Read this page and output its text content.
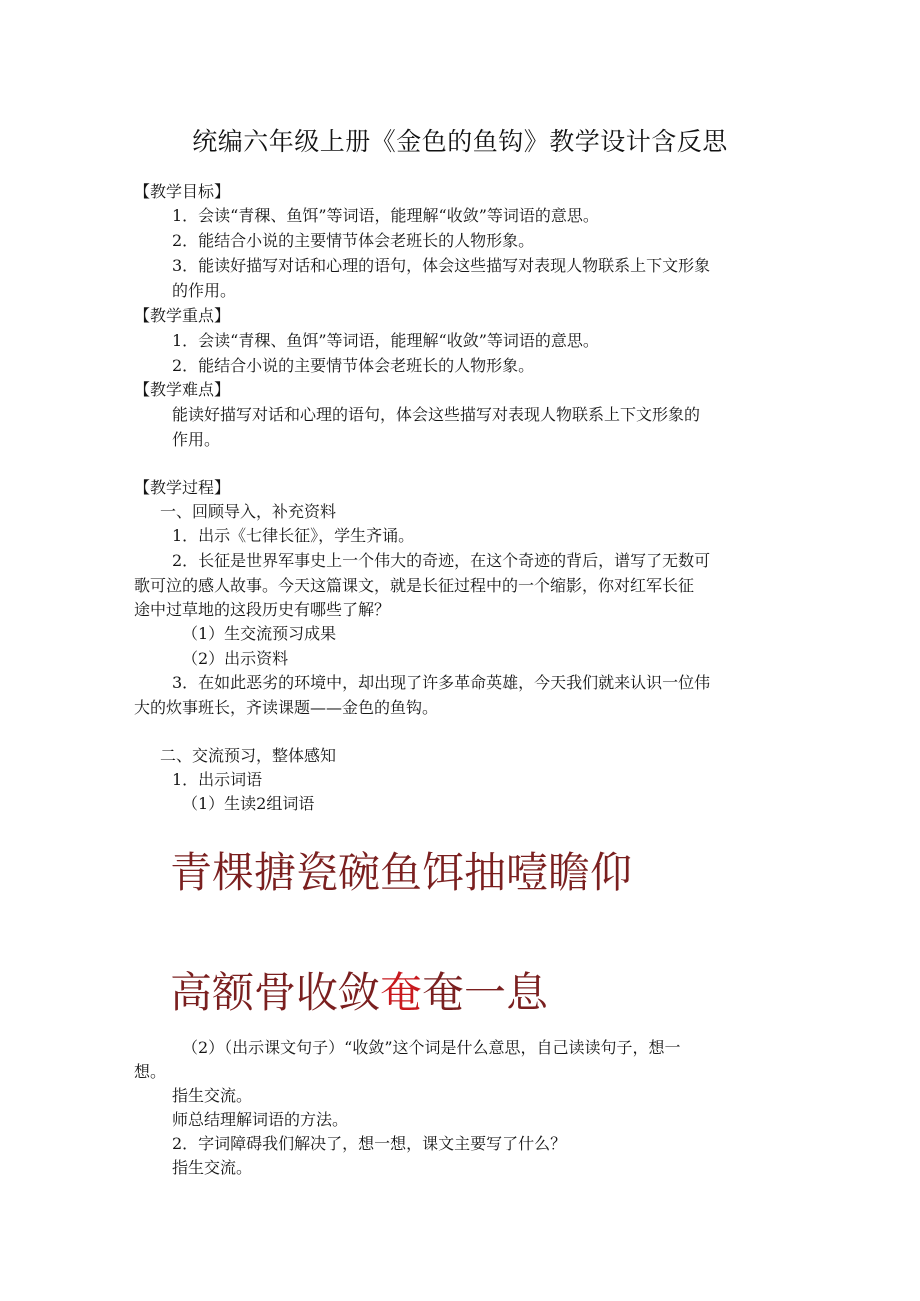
统编六年级上册《金色的鱼钩》教学设计含反思
【教学目标】
1．会读“青稞、鱼饵”等词语，能理解“收敛”等词语的意思。
2．能结合小说的主要情节体会老班长的人物形象。
3．能读好描写对话和心理的语句，体会这些描写对表现人物联系上下文形象
的作用。
【教学重点】
1．会读“青稞、鱼饵”等词语，能理解“收敛”等词语的意思。
2．能结合小说的主要情节体会老班长的人物形象。
【教学难点】
能读好描写对话和心理的语句，体会这些描写对表现人物联系上下文形象的
作用。
【教学过程】
一、回顾导入，补充资料
1．出示《七律长征》，学生齐诵。
2．长征是世界军事史上一个伟大的奇迹，在这个奇迹的背后，谱写了无数可
歌可泣的感人故事。今天这篇课文，就是长征过程中的一个缩影，你对红军长征
途中过草地的这段历史有哪些了解？
（1）生交流预习成果
（2）出示资料
3．在如此恶劣的环境中，却出现了许多革命英雄，今天我们就来认识一位伟
大的炊事班长，齐读课题——金色的鱼钩。
二、交流预习，整体感知
1．出示词语
（1）生读2组词语
青棵搪瓷碗鱼饵抽噎瞻仰
高额骨收敛奄奄一息
（2）（出示课文句子）“收敛”这个词是什么意思，自己读读句子，想一
想。
指生交流。
师总结理解词语的方法。
2．字词障碍我们解决了，想一想，课文主要写了什么？
指生交流。
